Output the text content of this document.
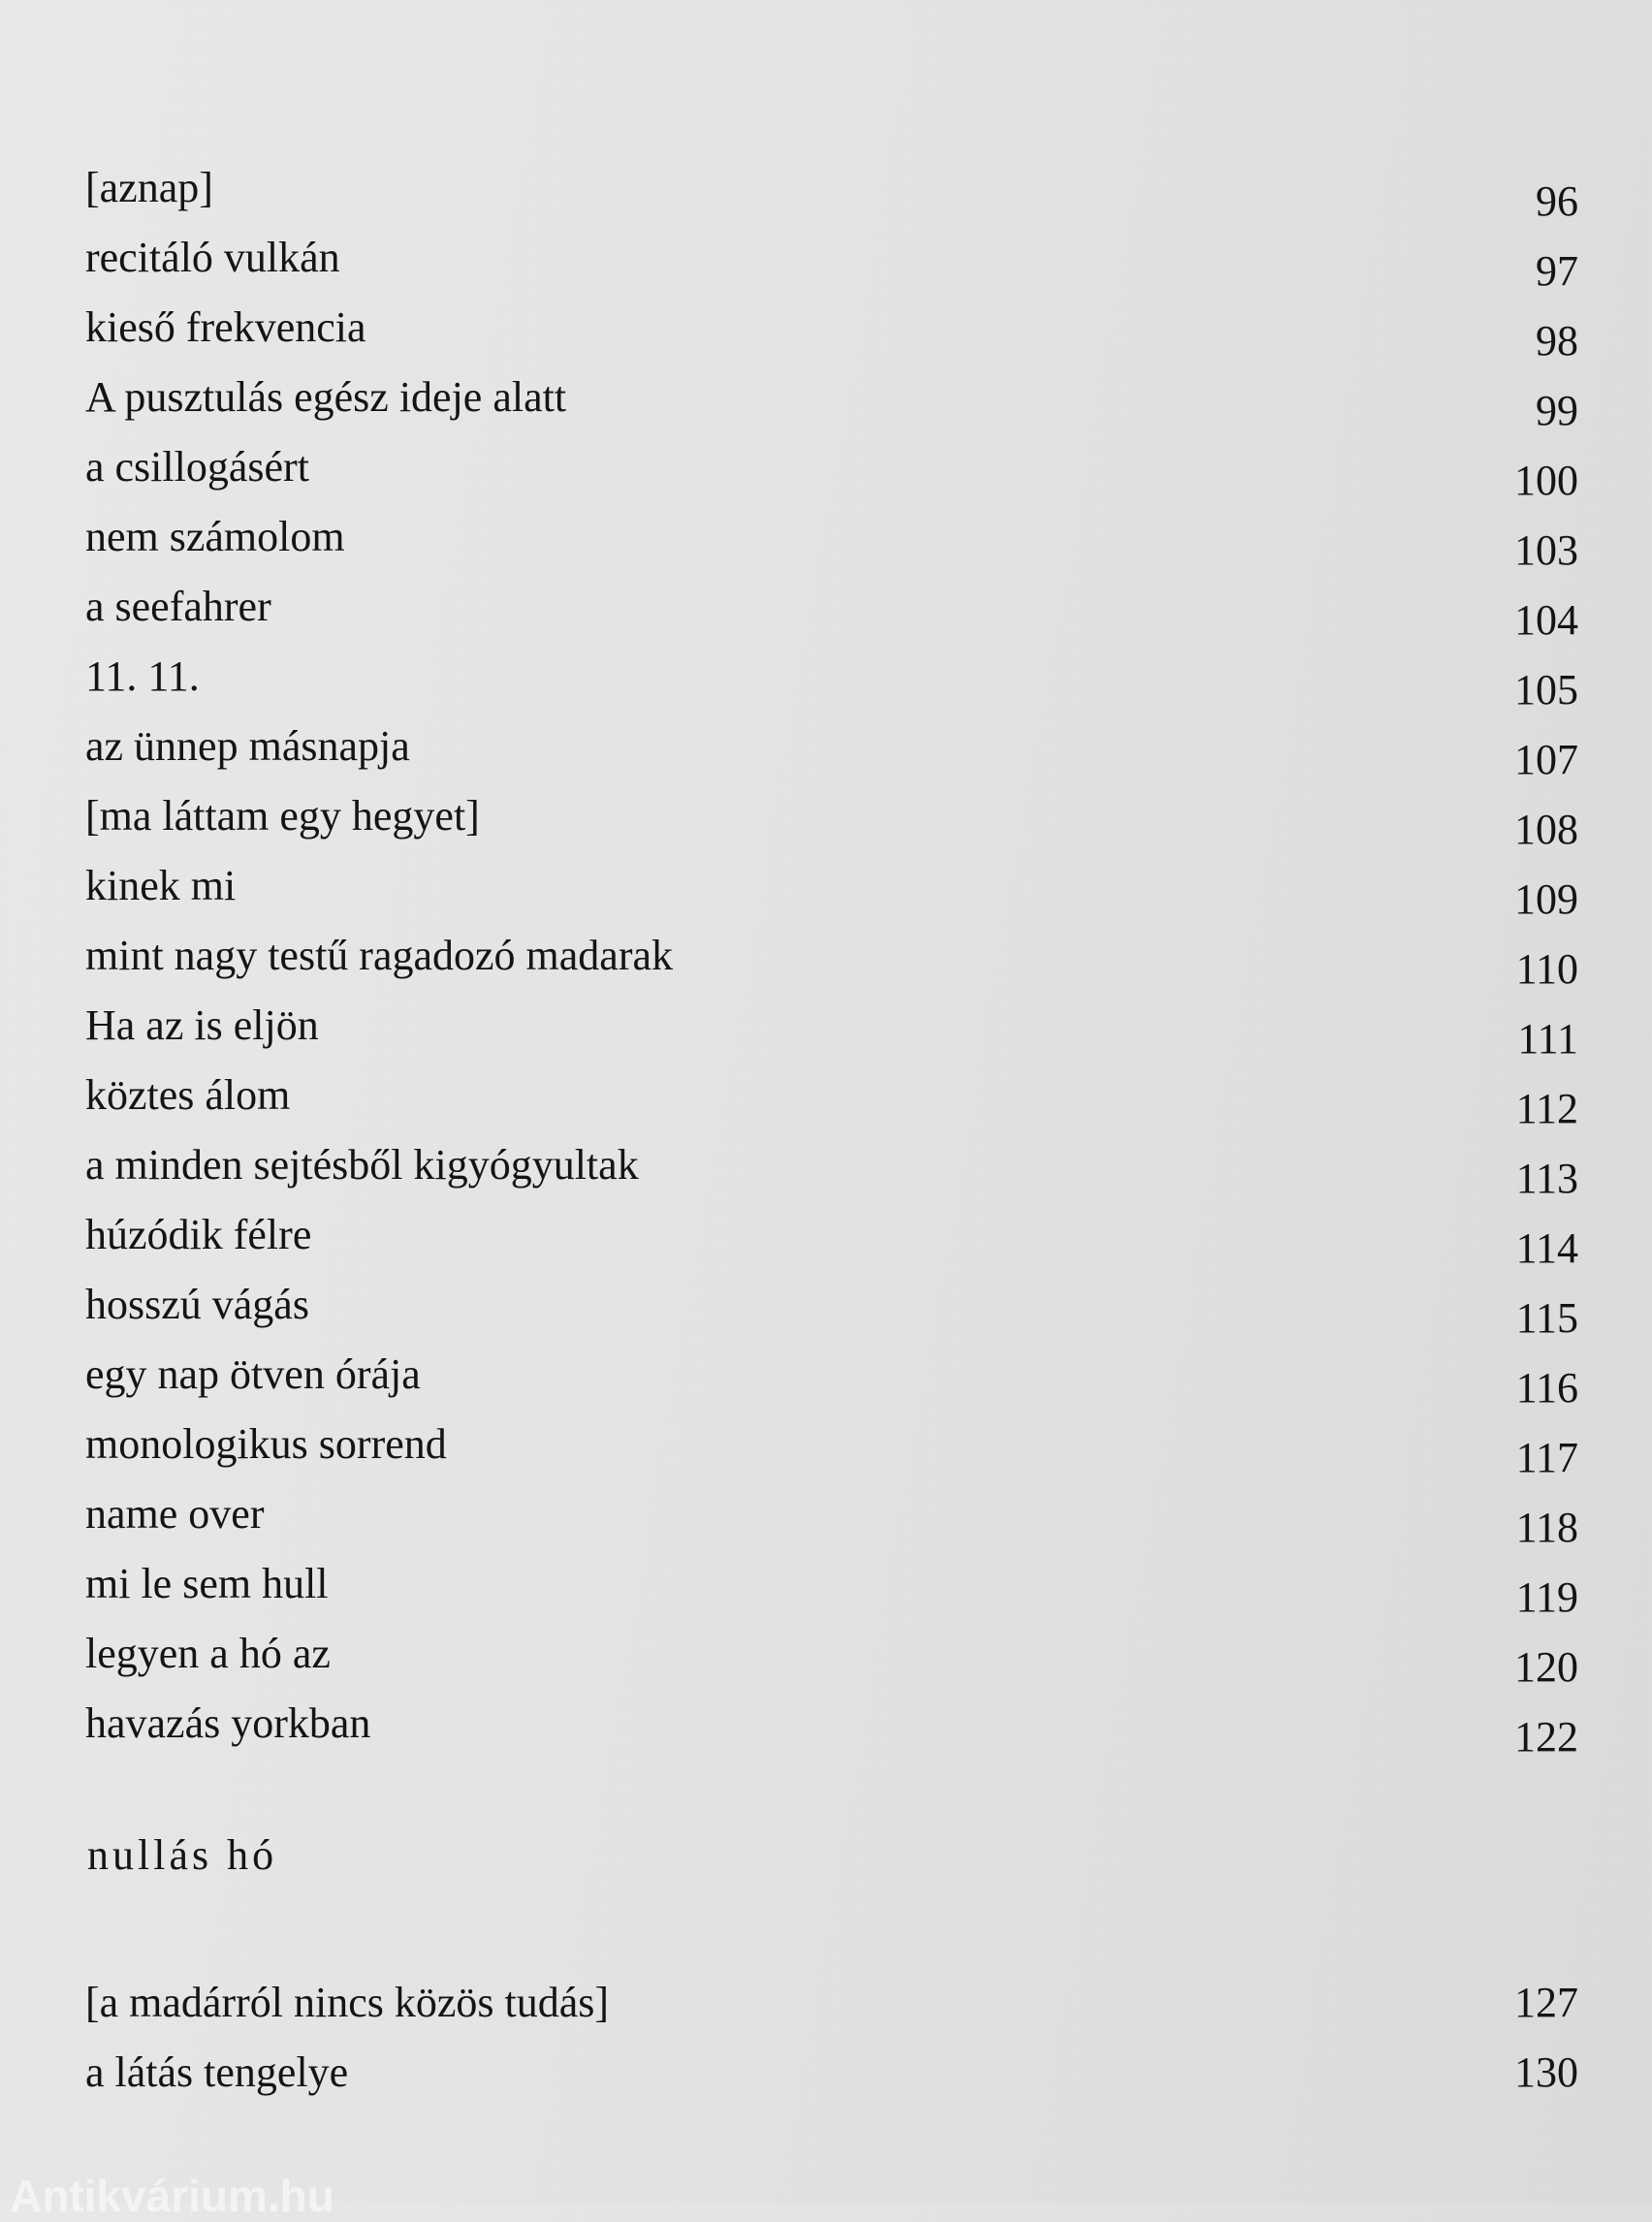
[aznap]	96
recitáló vulkán	97
kieső frekvencia	98
A pusztulás egész ideje alatt	99
a csillogásért	100
nem számolom	103
a seefahrer	104
11. 11.	105
az ünnep másnapja	107
[ma láttam egy hegyet]	108
kinek mi	109
mint nagy testű ragadozó madarak	110
Ha az is eljön	111
köztes álom	112
a minden sejtésből kigyógyultak	113
húzódik félre	114
hosszú vágás	115
egy nap ötven órája	116
monologikus sorrend	117
name over	118
mi le sem hull	119
legyen a hó az	120
havazás yorkban	122
nullás hó
[a madárról nincs közös tudás]	127
a látás tengelye	130
Antikvárium.hu
